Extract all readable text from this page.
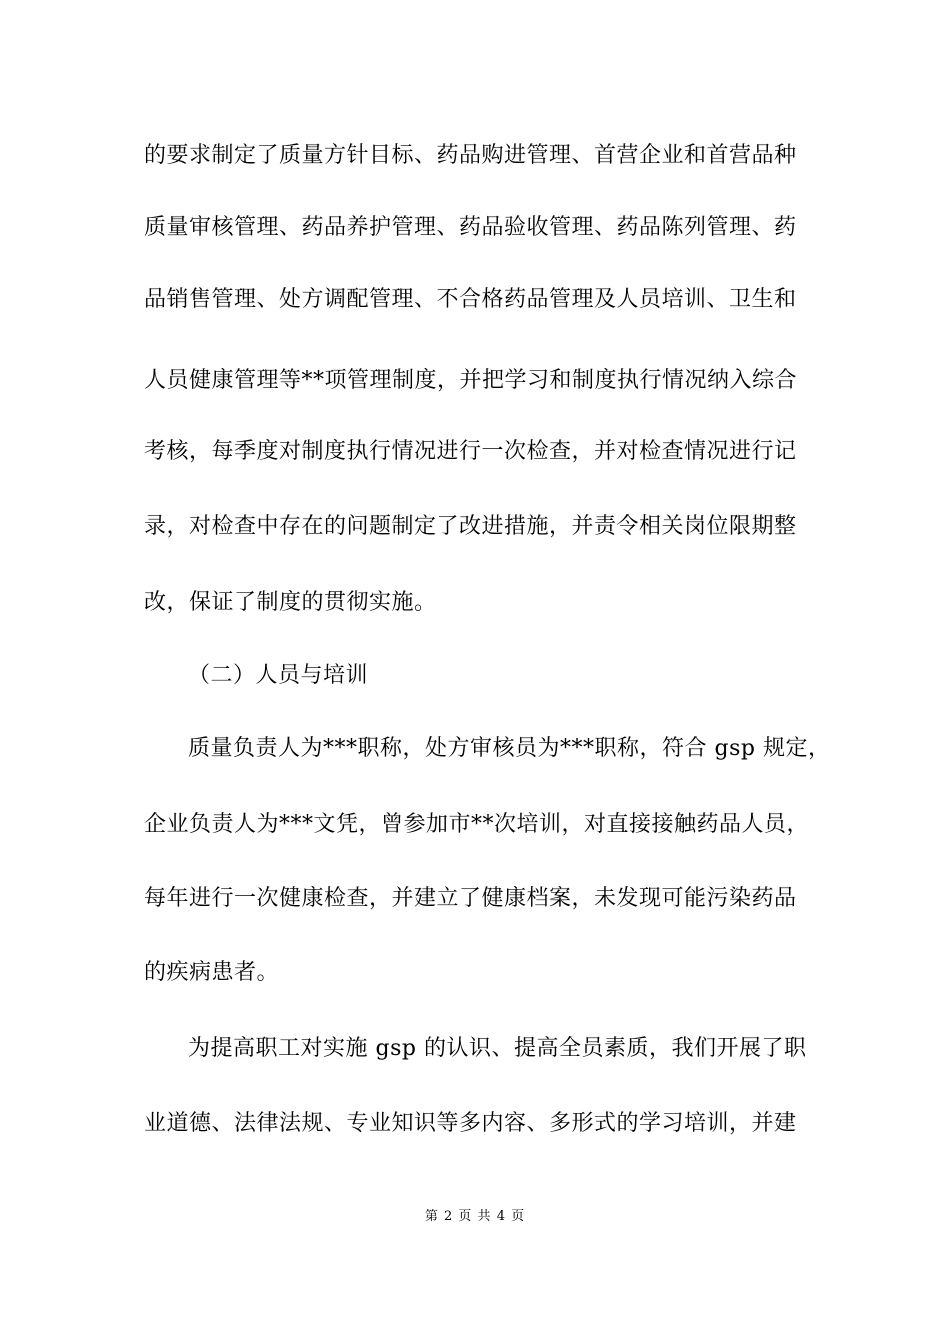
的要求制定了质量方针目标、药品购进管理、首营企业和首营品种
质量审核管理、药品养护管理、药品验收管理、药品陈列管理、药
品销售管理、处方调配管理、不合格药品管理及人员培训、卫生和
人员健康管理等**项管理制度，并把学习和制度执行情况纳入综合
考核，每季度对制度执行情况进行一次检查，并对检查情况进行记
录，对检查中存在的问题制定了改进措施，并责令相关岗位限期整
改，保证了制度的贯彻实施。
（二）人员与培训
质量负责人为***职称，处方审核员为***职称，符合 gsp 规定，
企业负责人为***文凭，曾参加市**次培训，对直接接触药品人员，
每年进行一次健康检查，并建立了健康档案，未发现可能污染药品
的疾病患者。
为提高职工对实施 gsp 的认识、提高全员素质，我们开展了职
业道德、法律法规、专业知识等多内容、多形式的学习培训，并建
第 2 页 共 4 页
